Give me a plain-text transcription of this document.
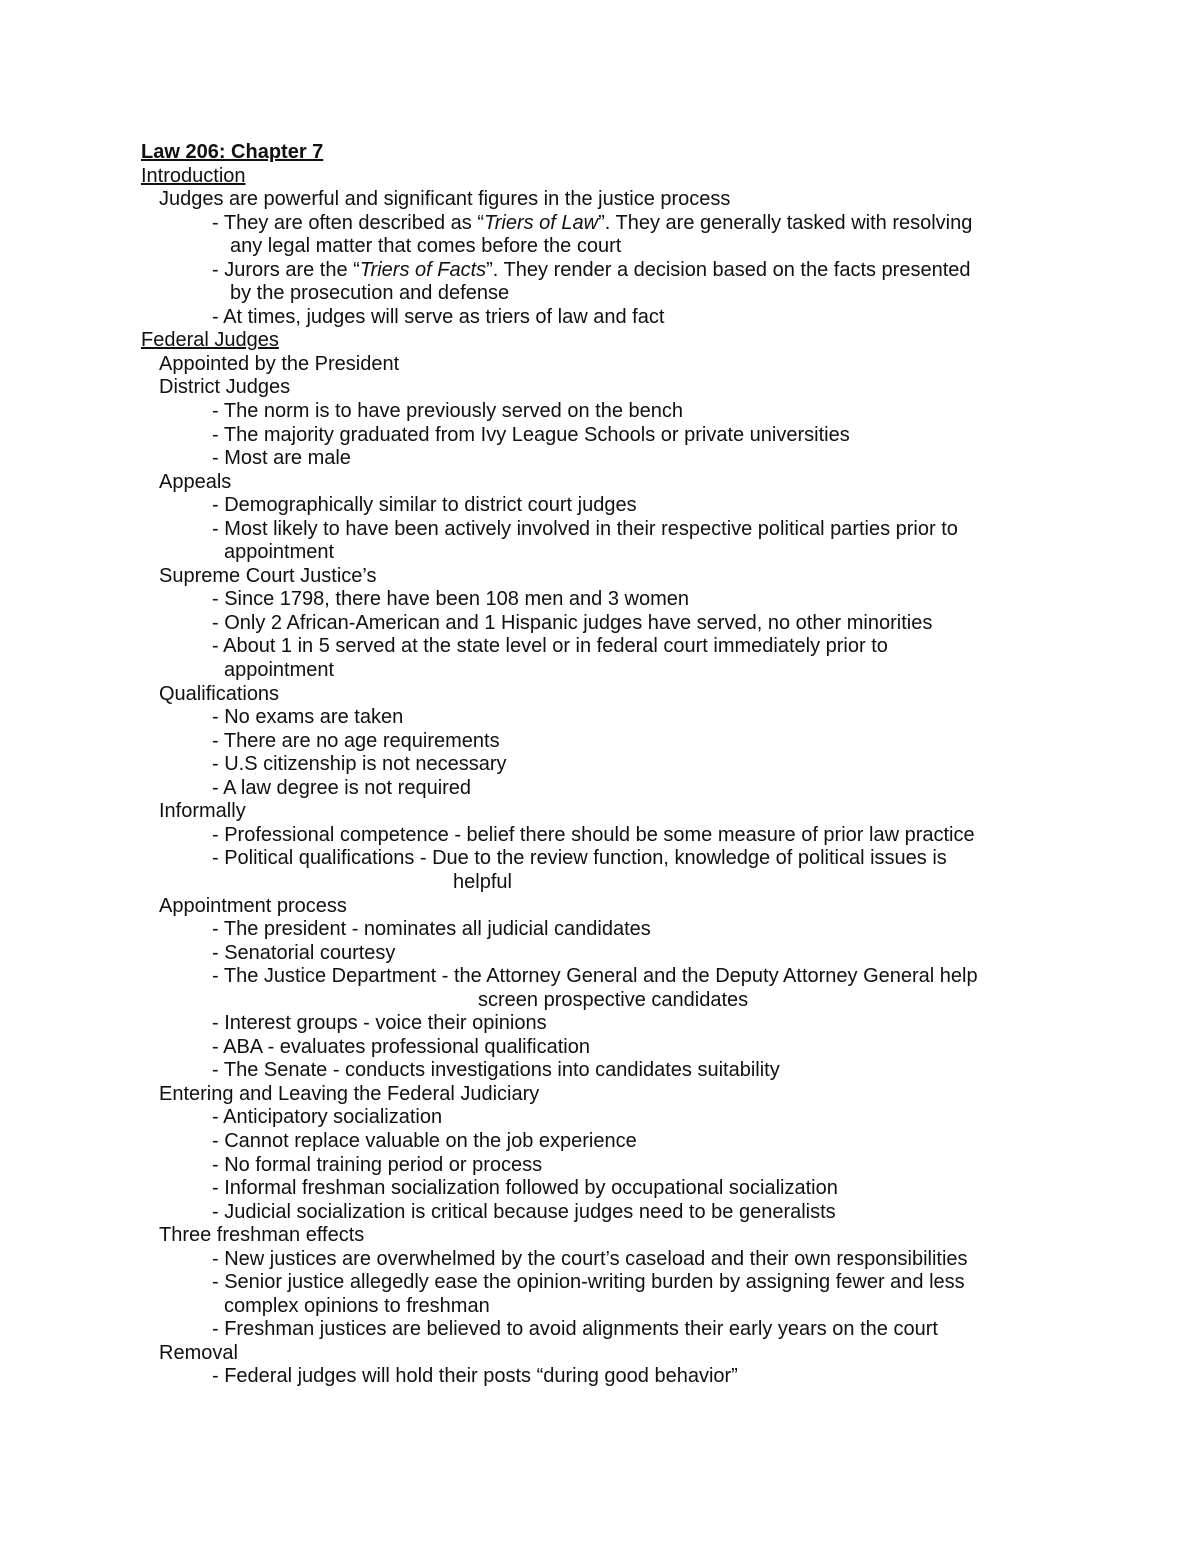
Law 206: Chapter 7
Introduction
Judges are powerful and significant figures in the justice process
- They are often described as “Triers of Law”. They are generally tasked with resolving
any legal matter that comes before the court
- Jurors are the “Triers of Facts”. They render a decision based on the facts presented
by the prosecution and defense
- At times, judges will serve as triers of law and fact
Federal Judges
Appointed by the President
District Judges
- The norm is to have previously served on the bench
- The majority graduated from Ivy League Schools or private universities
- Most are male
Appeals
- Demographically similar to district court judges
- Most likely to have been actively involved in their respective political parties prior to
appointment
Supreme Court Justice’s
- Since 1798, there have been 108 men and 3 women
- Only 2 African-American and 1 Hispanic judges have served, no other minorities
- About 1 in 5 served at the state level or in federal court immediately prior to
appointment
Qualifications
- No exams are taken
- There are no age requirements
- U.S citizenship is not necessary
- A law degree is not required
Informally
- Professional competence - belief there should be some measure of prior law practice
- Political qualifications - Due to the review function, knowledge of political issues is
helpful
Appointment process
- The president - nominates all judicial candidates
- Senatorial courtesy
- The Justice Department - the Attorney General and the Deputy Attorney General help
screen prospective candidates
- Interest groups - voice their opinions
- ABA - evaluates professional qualification
- The Senate - conducts investigations into candidates suitability
Entering and Leaving the Federal Judiciary
- Anticipatory socialization
- Cannot replace valuable on the job experience
- No formal training period or process
- Informal freshman socialization followed by occupational socialization
- Judicial socialization is critical because judges need to be generalists
Three freshman effects
- New justices are overwhelmed by the court’s caseload and their own responsibilities
- Senior justice allegedly ease the opinion-writing burden by assigning fewer and less
complex opinions to freshman
- Freshman justices are believed to avoid alignments their early years on the court
Removal
- Federal judges will hold their posts “during good behavior”
